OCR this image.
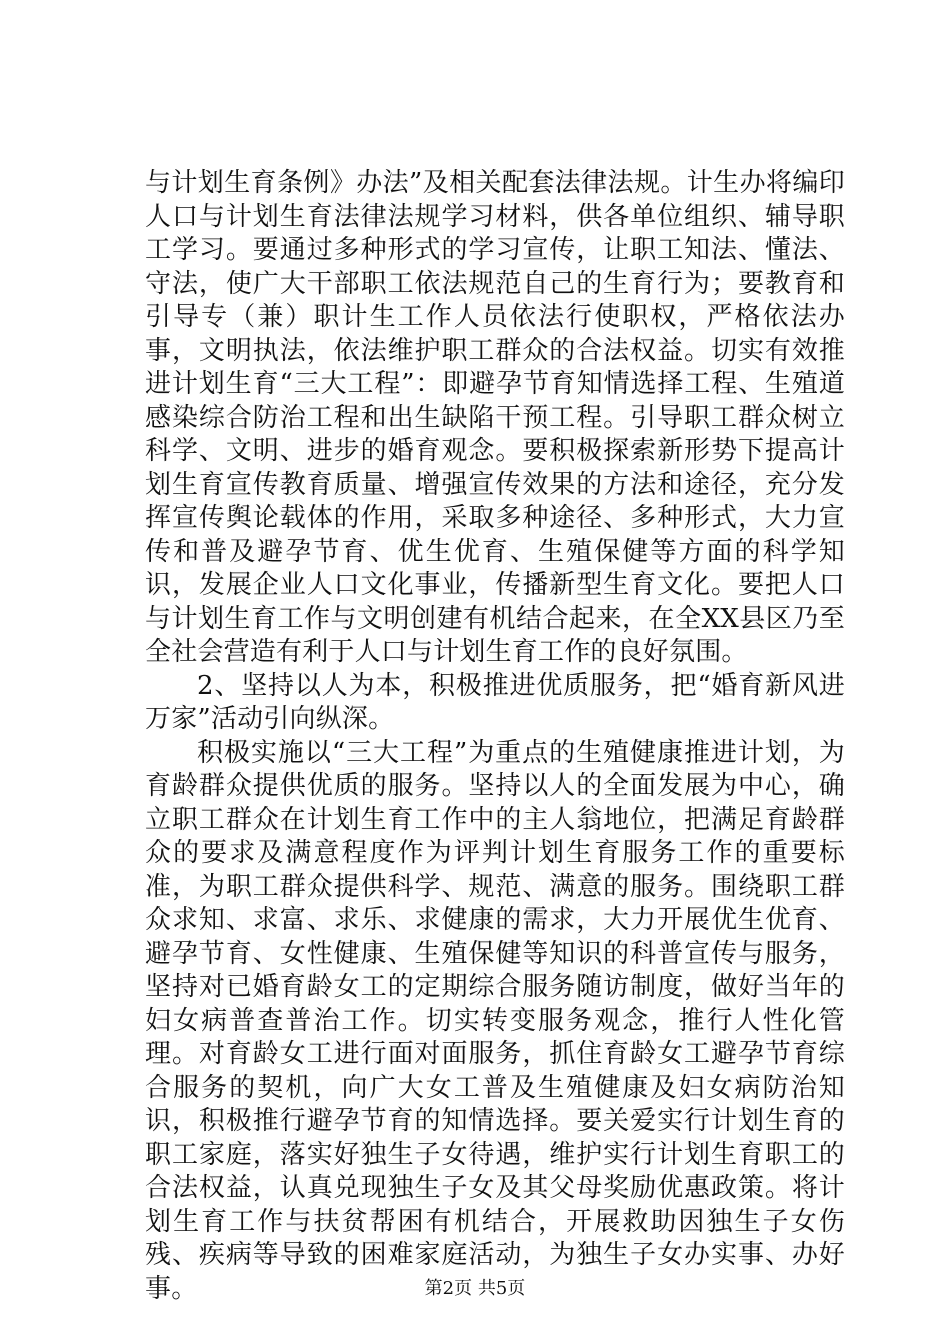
与计划生育条例》办法”及相关配套法律法规。计生办将编印人口与计划生育法律法规学习材料，供各单位组织、辅导职工学习。要通过多种形式的学习宣传，让职工知法、懂法、守法，使广大干部职工依法规范自己的生育行为；要教育和引导专（兼）职计生工作人员依法行使职权，严格依法办事，文明执法，依法维护职工群众的合法权益。切实有效推进计划生育“三大工程”：即避孕节育知情选择工程、生殖道感染综合防治工程和出生缺陷干预工程。引导职工群众树立科学、文明、进步的婚育观念。要积极探索新形势下提高计划生育宣传教育质量、增强宣传效果的方法和途径，充分发挥宣传舆论载体的作用，采取多种途径、多种形式，大力宣传和普及避孕节育、优生优育、生殖保健等方面的科学知识，发展企业人口文化事业，传播新型生育文化。要把人口与计划生育工作与文明创建有机结合起来，在全XX县区乃至全社会营造有利于人口与计划生育工作的良好氛围。

2、坚持以人为本，积极推进优质服务，把“婚育新风进万家”活动引向纵深。

积极实施以“三大工程”为重点的生殖健康推进计划，为育龄群众提供优质的服务。坚持以人的全面发展为中心，确立职工群众在计划生育工作中的主人翁地位，把满足育龄群众的要求及满意程度作为评判计划生育服务工作的重要标准，为职工群众提供科学、规范、满意的服务。围绕职工群众求知、求富、求乐、求健康的需求，大力开展优生优育、避孕节育、女性健康、生殖保健等知识的科普宣传与服务，坚持对已婚育龄女工的定期综合服务随访制度，做好当年的妇女病普查普治工作。切实转变服务观念，推行人性化管理。对育龄女工进行面对面服务，抓住育龄女工避孕节育综合服务的契机，向广大女工普及生殖健康及妇女病防治知识，积极推行避孕节育的知情选择。要关爱实行计划生育的职工家庭，落实好独生子女待遇，维护实行计划生育职工的合法权益，认真兑现独生子女及其父母奖励优惠政策。将计划生育工作与扶贫帮困有机结合，开展救助因独生子女伤残、疾病等导致的困难家庭活动，为独生子女办实事、办好事。	第2页 共5页
